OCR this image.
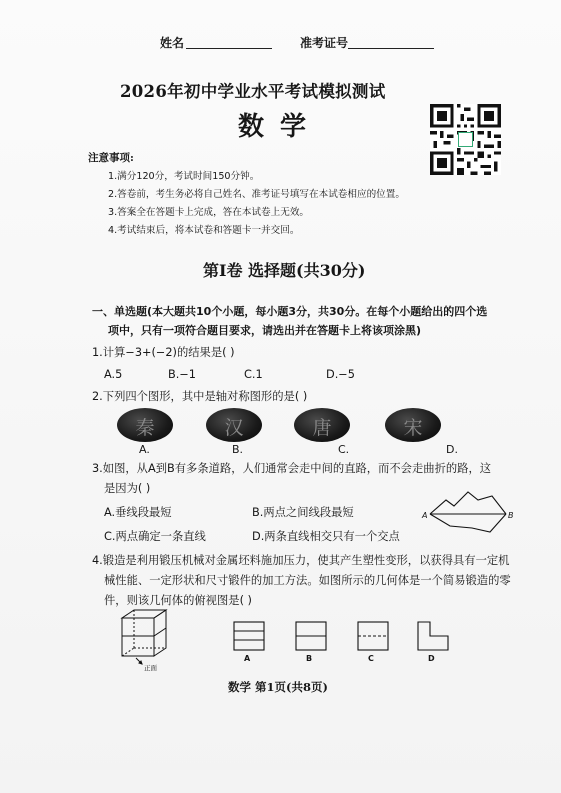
姓名	准考证号
2026年初中学业水平考试模拟测试
数学
注意事项:
1.满分120分，考试时间150分钟。
2.答卷前，考生务必将自己姓名、准考证号填写在本试卷相应的位置。
3.答案全在答题卡上完成，答在本试卷上无效。
4.考试结束后，将本试卷和答题卡一并交回。
第Ⅰ卷 选择题(共30分)
一、单选题(本大题共10个小题，每小题3分，共30分。在每个小题给出的四个选
项中，只有一项符合题目要求，请选出并在答题卡上将该项涂黑)
1.计算−3+(−2)的结果是( )
A.5	B.−1	C.1	D.−5
2.下列四个图形，其中是轴对称图形的是( )
秦	汉	唐	宋
A.	B.	C.	D.
3.如图，从A到B有多条道路，人们通常会走中间的直路，而不会走曲折的路，这
是因为( )
A.垂线段最短	B.两点之间线段最短
C.两点确定一条直线	D.两条直线相交只有一个交点
A	B
4.锻造是利用锻压机械对金属坯料施加压力，使其产生塑性变形，以获得具有一定机
械性能、一定形状和尺寸锻件的加工方法。如图所示的几何体是一个简易锻造的零
件，则该几何体的俯视图是( )
正面
A	B	C	D
数学 第1页(共8页)
